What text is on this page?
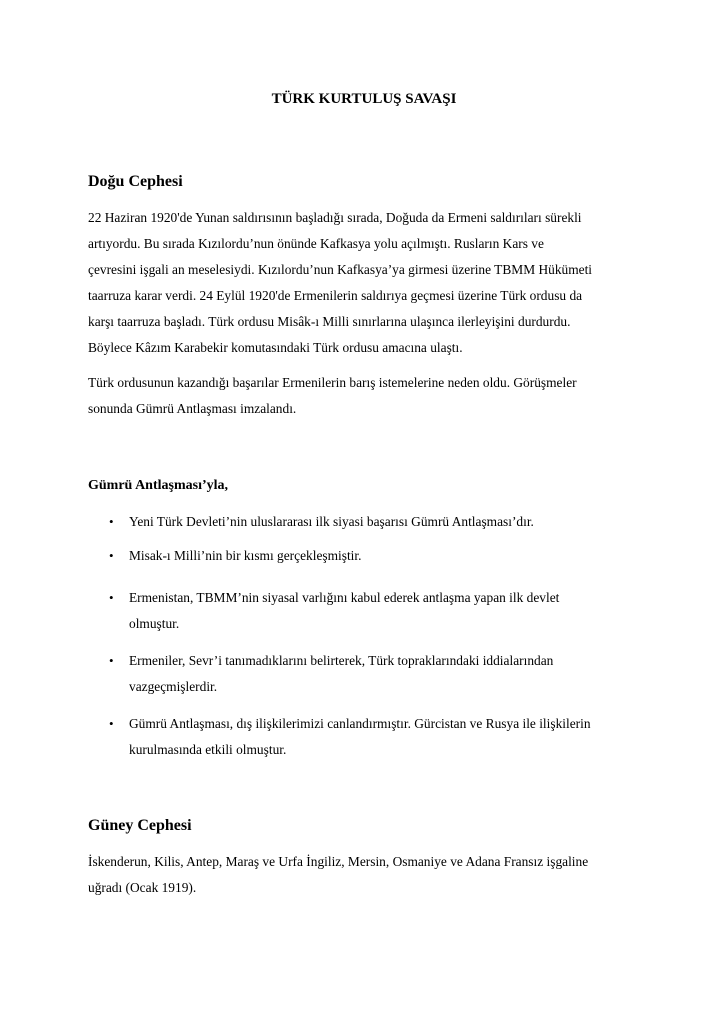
TÜRK KURTULUŞ SAVAŞI
Doğu Cephesi

22 Haziran 1920'de Yunan saldırısının başladığı sırada, Doğuda da Ermeni saldırıları sürekli
artıyordu. Bu sırada Kızılordu’nun önünde Kafkasya yolu açılmıştı. Rusların Kars ve
çevresini işgali an meselesiydi. Kızılordu’nun Kafkasya’ya girmesi üzerine TBMM Hükümeti
taarruza karar verdi. 24 Eylül 1920'de Ermenilerin saldırıya geçmesi üzerine Türk ordusu da
karşı taarruza başladı. Türk ordusu Misâk-ı Milli sınırlarına ulaşınca ilerleyişini durdurdu.
Böylece Kâzım Karabekir komutasındaki Türk ordusu amacına ulaştı.

Türk ordusunun kazandığı başarılar Ermenilerin barış istemelerine neden oldu. Görüşmeler
sonunda Gümrü Antlaşması imzalandı.

Gümrü Antlaşması’yla,
• Yeni Türk Devleti’nin uluslararası ilk siyasi başarısı Gümrü Antlaşması’dır.
• Misak-ı Milli’nin bir kısmı gerçekleşmiştir.
• Ermenistan, TBMM’nin siyasal varlığını kabul ederek antlaşma yapan ilk devlet
olmuştur.
• Ermeniler, Sevr’i tanımadıklarını belirterek, Türk topraklarındaki iddialarından
vazgeçmişlerdir.
• Gümrü Antlaşması, dış ilişkilerimizi canlandırmıştır. Gürcistan ve Rusya ile ilişkilerin
kurulmasında etkili olmuştur.
Güney Cephesi

İskenderun, Kilis, Antep, Maraş ve Urfa İngiliz, Mersin, Osmaniye ve Adana Fransız işgaline
uğradı (Ocak 1919).
